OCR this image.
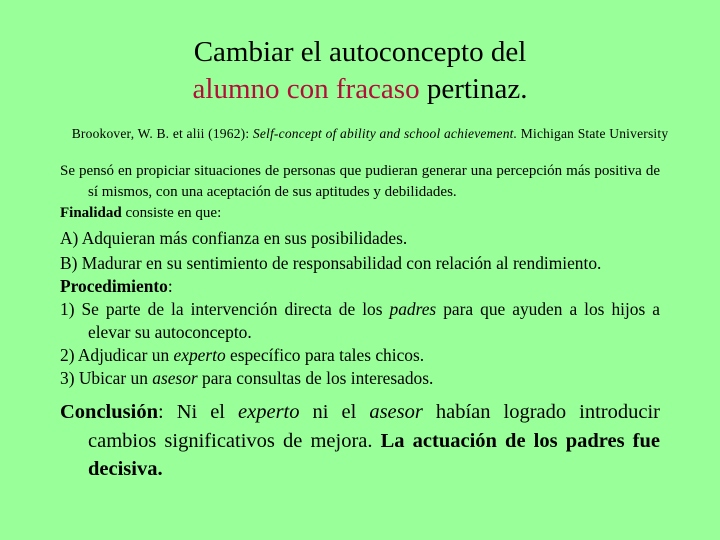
Cambiar el autoconcepto del
alumno con fracaso pertinaz.
Brookover, W. B. et alii (1962): Self-concept of ability and school achievement. Michigan State University

Se pensó en propiciar situaciones de personas que pudieran generar una percepción más positiva de sí mismos, con una aceptación de sus aptitudes y debilidades.

Finalidad consiste en que:

A) Adquieran más confianza en sus posibilidades.

B) Madurar en su sentimiento de responsabilidad con relación al rendimiento.

Procedimiento:

1) Se parte de la intervención directa de los padres para que ayuden a los hijos a elevar su autoconcepto.

2) Adjudicar un experto específico para tales chicos.

3) Ubicar un asesor para consultas de los interesados.

Conclusión: Ni el experto ni el asesor habían logrado introducir cambios significativos de mejora. La actuación de los padres fue decisiva.
